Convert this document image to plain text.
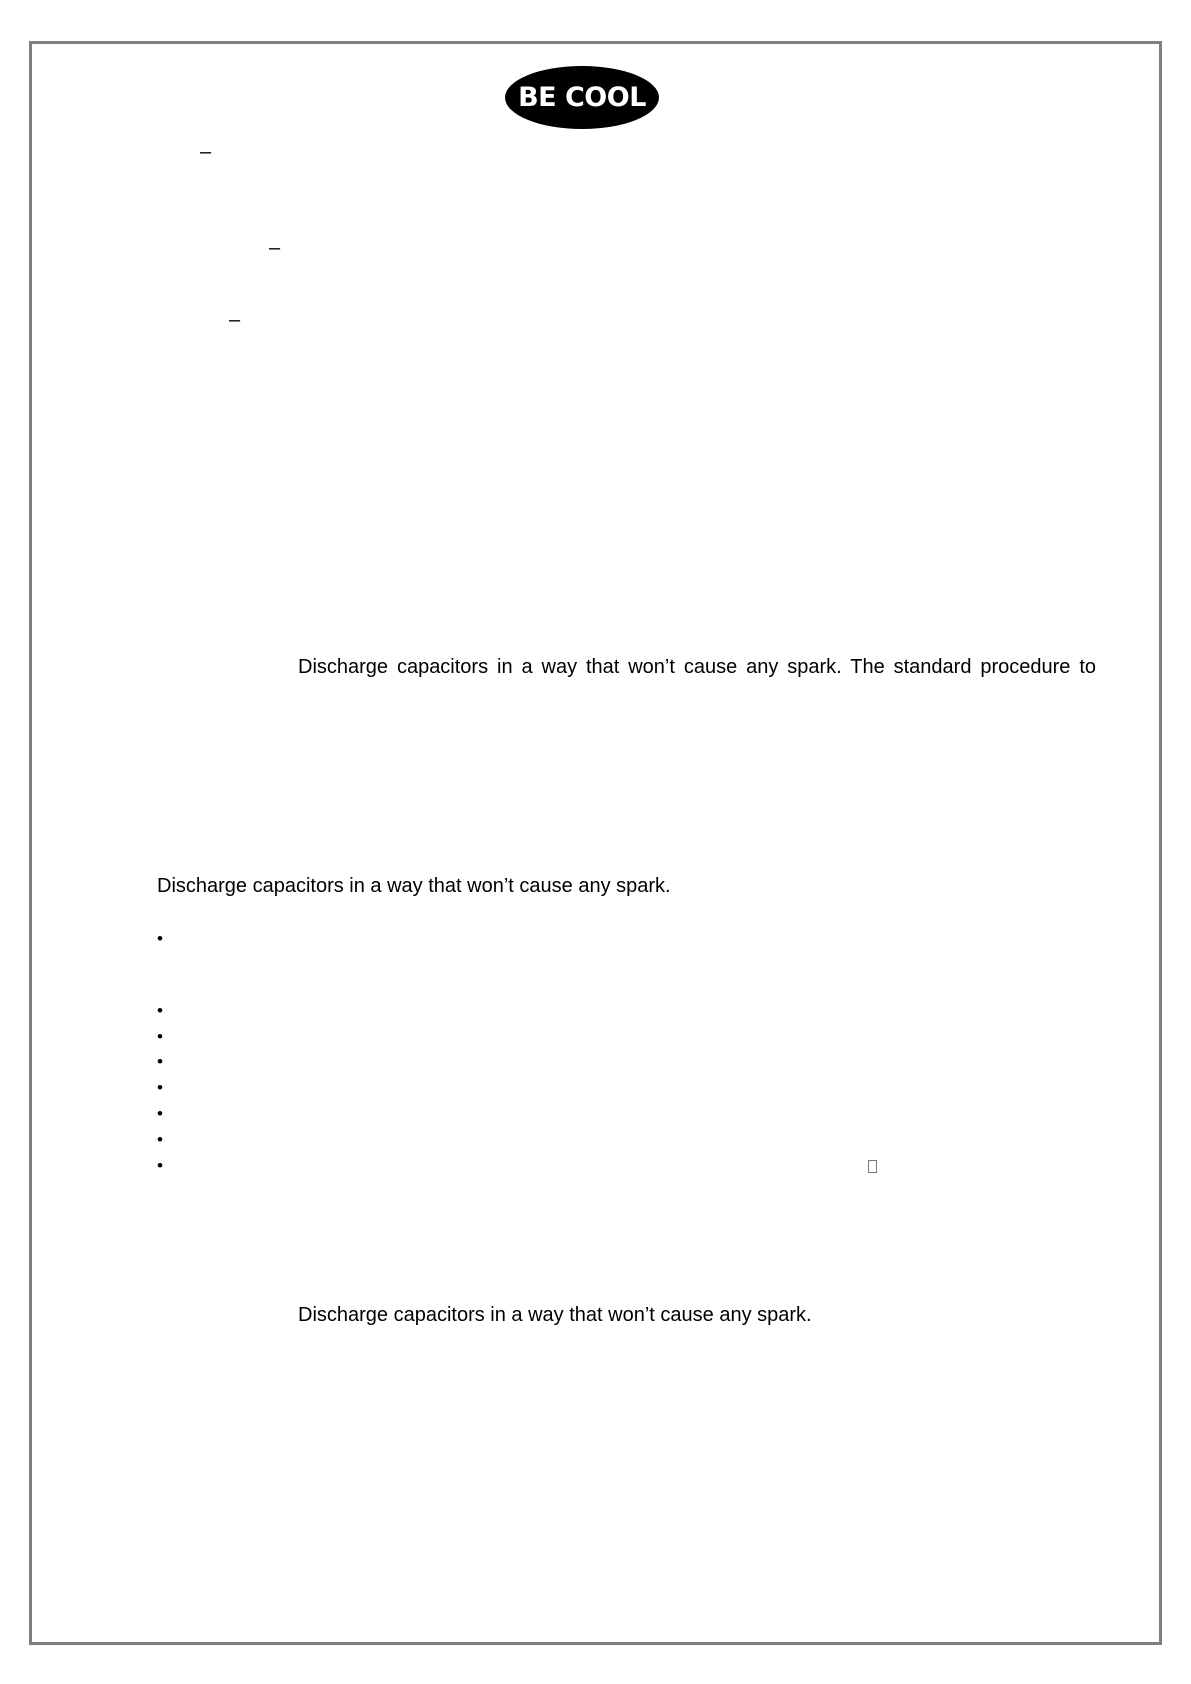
BE COOL
–
–
–
Discharge capacitors in a way that won’t cause any spark. The standard procedure to
Discharge capacitors in a way that won’t cause any spark.
•
•
•
•
•
•
•
•
Discharge capacitors in a way that won’t cause any spark.
